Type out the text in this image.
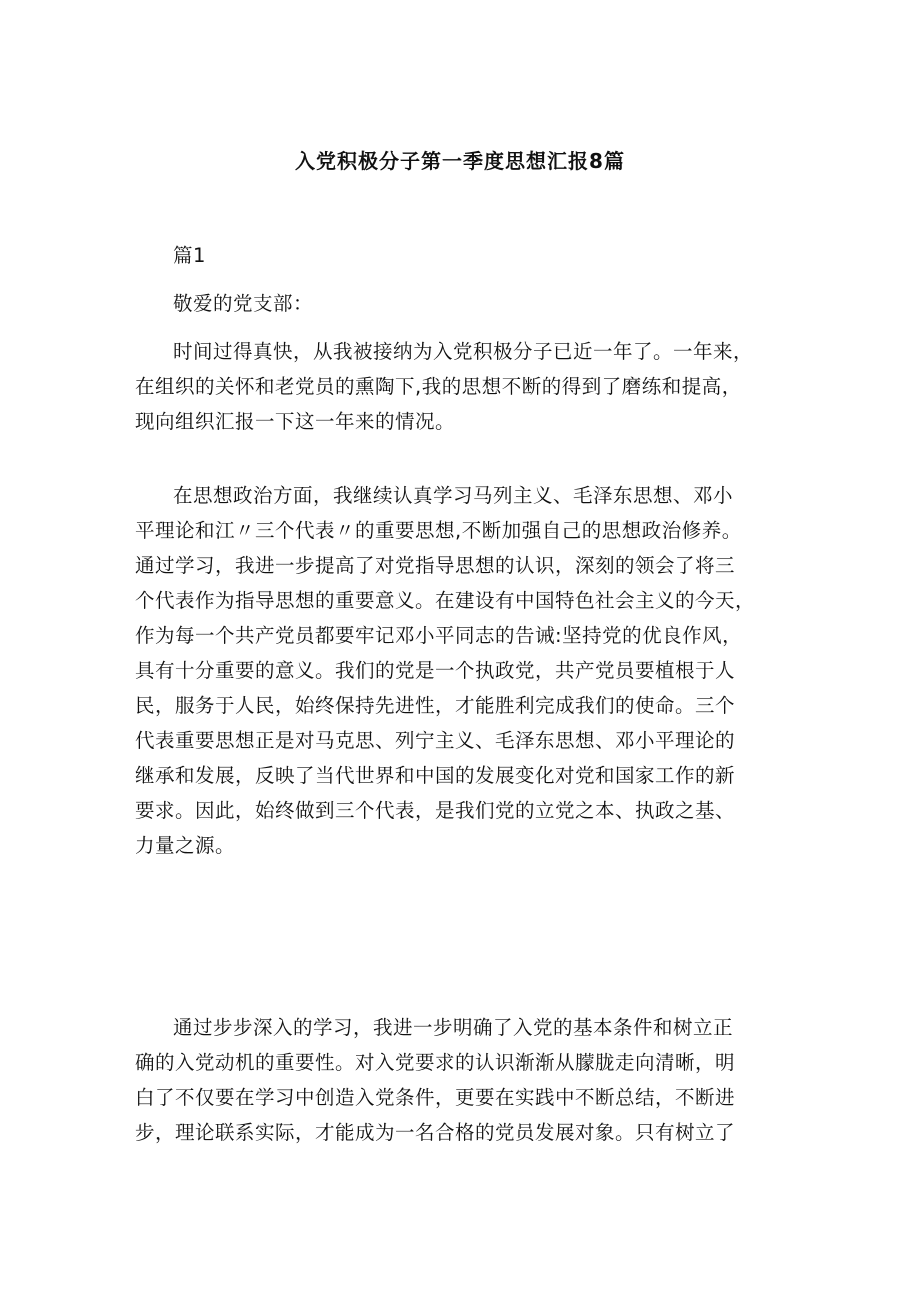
入党积极分子第一季度思想汇报8篇

篇1

敬爱的党支部：

时间过得真快，从我被接纳为入党积极分子已近一年了。一年来，
在组织的关怀和老党员的熏陶下,我的思想不断的得到了磨练和提高，
现向组织汇报一下这一年来的情况。
在思想政治方面，我继续认真学习马列主义、毛泽东思想、邓小
平理论和江〃三个代表〃的重要思想,不断加强自己的思想政治修养。
通过学习，我进一步提高了对党指导思想的认识，深刻的领会了将三
个代表作为指导思想的重要意义。在建设有中国特色社会主义的今天，
作为每一个共产党员都要牢记邓小平同志的告诫:坚持党的优良作风，
具有十分重要的意义。我们的党是一个执政党，共产党员要植根于人
民，服务于人民，始终保持先进性，才能胜利完成我们的使命。三个
代表重要思想正是对马克思、列宁主义、毛泽东思想、邓小平理论的
继承和发展，反映了当代世界和中国的发展变化对党和国家工作的新
要求。因此，始终做到三个代表，是我们党的立党之本、执政之基、
力量之源。
通过步步深入的学习，我进一步明确了入党的基本条件和树立正
确的入党动机的重要性。对入党要求的认识渐渐从朦胧走向清晰，明
白了不仅要在学习中创造入党条件，更要在实践中不断总结，不断进
步，理论联系实际，才能成为一名合格的党员发展对象。只有树立了
